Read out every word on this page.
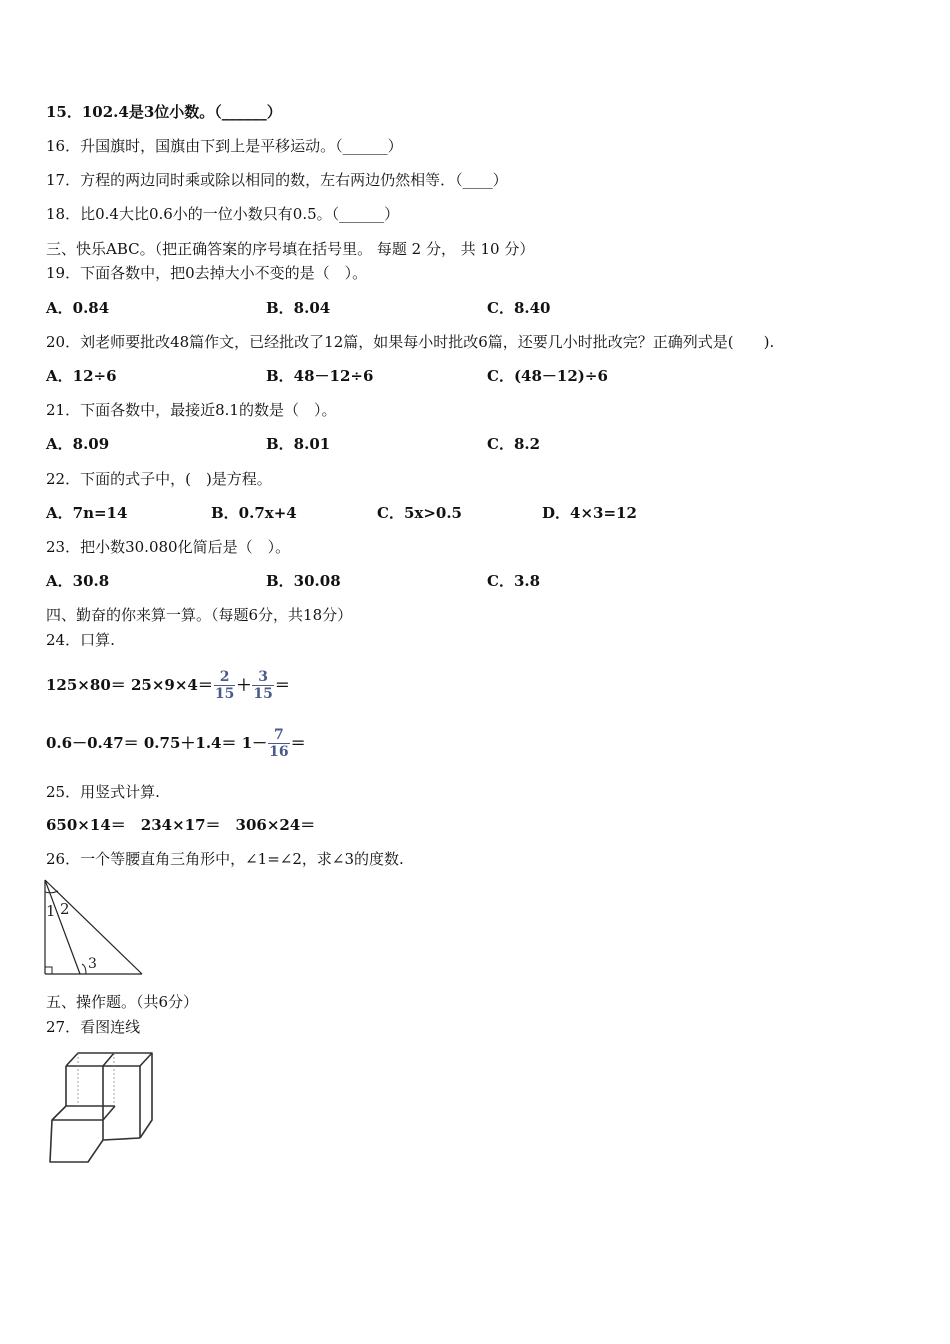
15．102.4是3位小数。（______）
16．升国旗时，国旗由下到上是平移运动。（______）
17．方程的两边同时乘或除以相同的数，左右两边仍然相等．（____）
18．比0.4大比0.6小的一位小数只有0.5。（______）
三、快乐ABC。（把正确答案的序号填在括号里。 每题 2 分， 共 10 分）
19．下面各数中，把0去掉大小不变的是（　）。
A．0.84	B．8.04	C．8.40
20．刘老师要批改48篇作文，已经批改了12篇，如果每小时批改6篇，还要几小时批改完？正确列式是(　　).
A．12÷6	B．48－12÷6	C．(48－12)÷6
21．下面各数中，最接近8.1的数是（　）。
A．8.09	B．8.01	C．8.2
22．下面的式子中，(　)是方程。
A．7n=14	B．0.7x+4	C．5x>0.5	D．4×3=12
23．把小数30.080化简后是（　）。
A．30.8	B．30.08	C．3.8
四、勤奋的你来算一算。（每题6分，共18分）
24．口算.
$125\times 80= 25\times 9\times 4= \frac{2}{15} + \frac{3}{15}$ ＝
$0.6-0.47= 0.75+1.4= 1- \frac{7}{16}$ ＝
25．用竖式计算.
650×14＝　234×17＝　306×24＝
26．一个等腰直角三角形中，∠1=∠2，求∠3的度数.
1 2
3
五、操作题。（共6分）
27．看图连线
